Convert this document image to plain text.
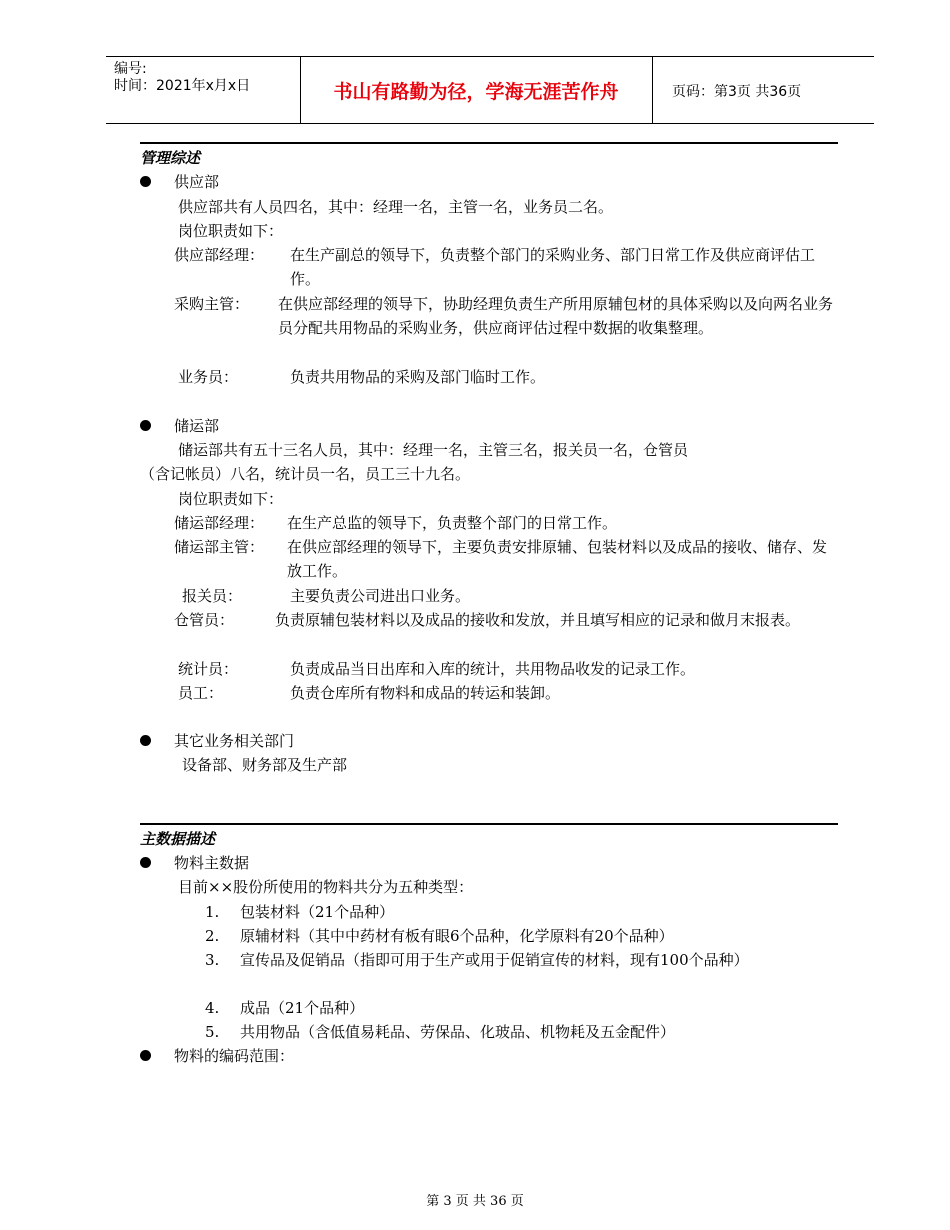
编号:
时间：2021年x月x日	书山有路勤为径，学海无涯苦作舟	页码：第3页 共36页
管理综述
供应部
供应部共有人员四名，其中：经理一名，主管一名，业务员二名。
岗位职责如下：
供应部经理： 在生产副总的领导下，负责整个部门的采购业务、部门日常工作及供应商评估工作。
采购主管： 在供应部经理的领导下，协助经理负责生产所用原辅包材的具体采购以及向两名业务员分配共用物品的采购业务，供应商评估过程中数据的收集整理。
业务员：	负责共用物品的采购及部门临时工作。
储运部
储运部共有五十三名人员，其中：经理一名，主管三名，报关员一名，仓管员
（含记帐员）八名，统计员一名，员工三十九名。
岗位职责如下：
储运部经理： 在生产总监的领导下，负责整个部门的日常工作。
储运部主管： 在供应部经理的领导下，主要负责安排原辅、包装材料以及成品的接收、储存、发放工作。
报关员：	主要负责公司进出口业务。
仓管员：	负责原辅包装材料以及成品的接收和发放，并且填写相应的记录和做月末报表。
统计员：	负责成品当日出库和入库的统计，共用物品收发的记录工作。
员工：	负责仓库所有物料和成品的转运和装卸。
其它业务相关部门
设备部、财务部及生产部
主数据描述
物料主数据
目前××股份所使用的物料共分为五种类型：
1. 包装材料（21个品种）
2. 原辅材料（其中中药材有板有眼6个品种，化学原料有20个品种）
3. 宣传品及促销品（指即可用于生产或用于促销宣传的材料，现有100个品种）
4. 成品（21个品种）
5. 共用物品（含低值易耗品、劳保品、化玻品、机物耗及五金配件）
物料的编码范围：
第 3 页 共 36 页
